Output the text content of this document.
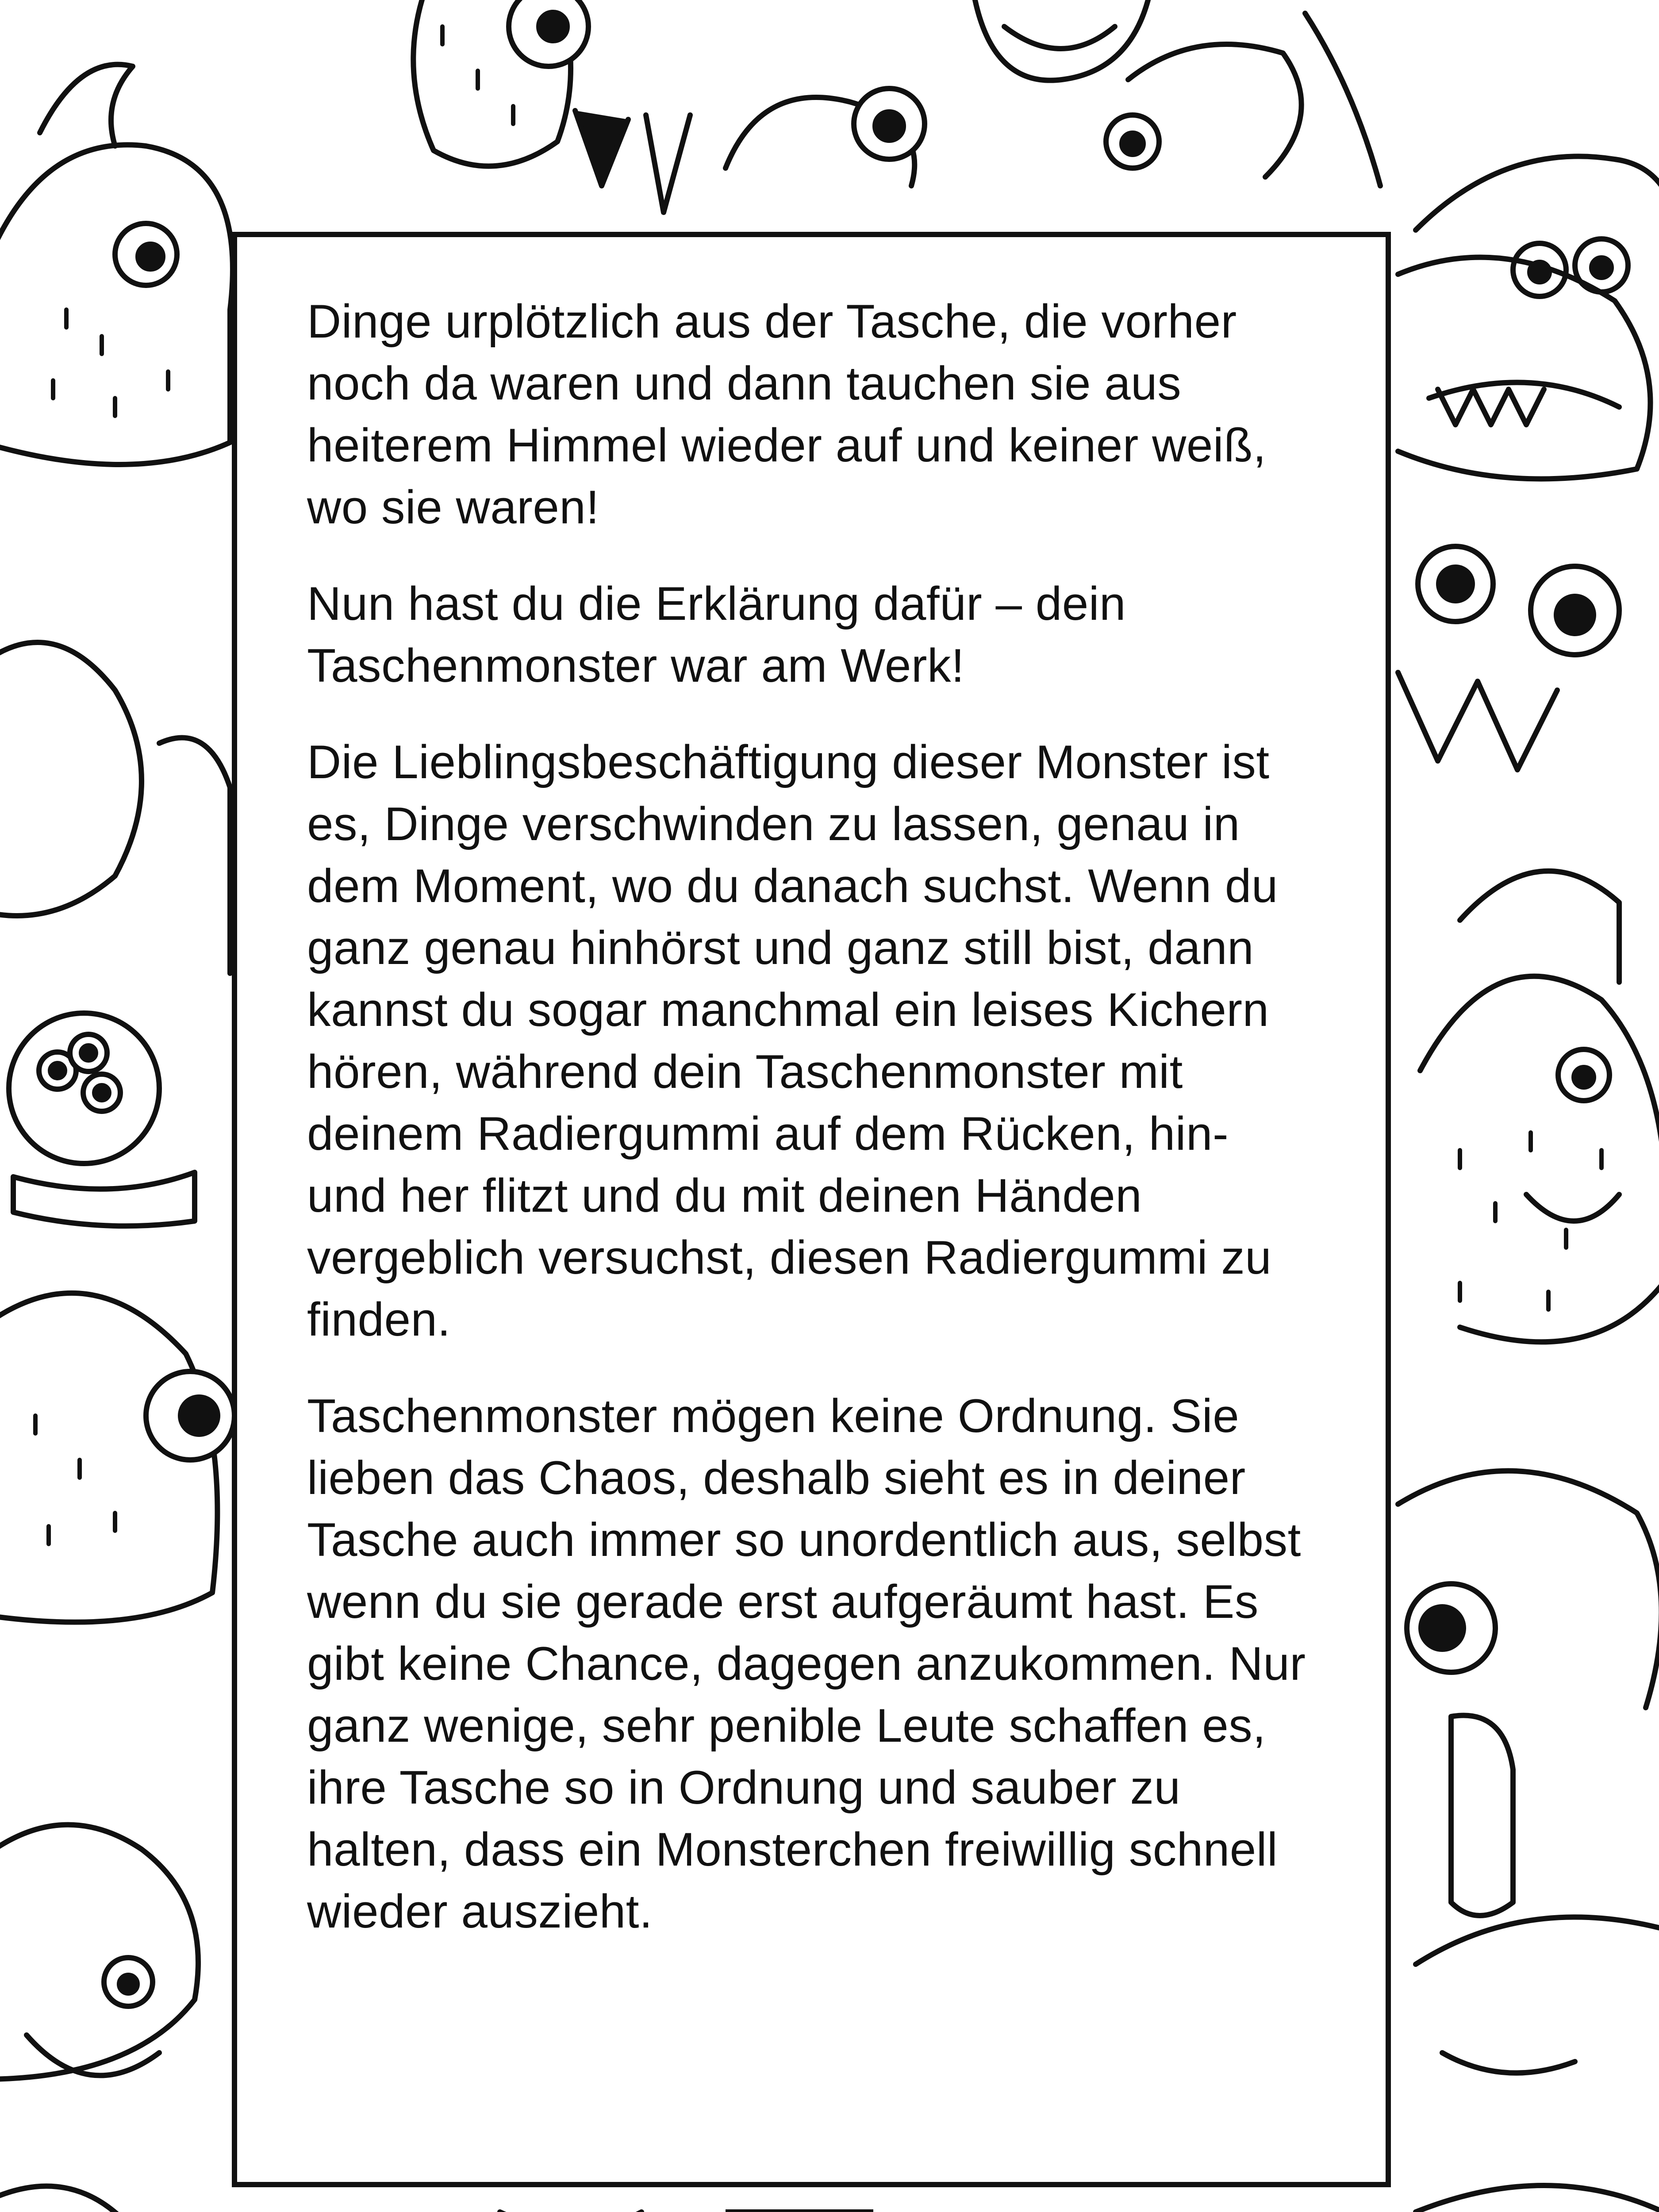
Dinge urplötzlich aus der Tasche, die vorher noch da waren und dann tauchen sie aus heiterem Himmel wieder auf und keiner weiß, wo sie waren!

Nun hast du die Erklärung dafür – dein Taschenmonster war am Werk!

Die Lieblingsbeschäftigung dieser Monster ist es, Dinge verschwinden zu lassen, genau in dem Moment, wo du danach suchst. Wenn du ganz genau hinhörst und ganz still bist, dann kannst du sogar manchmal ein leises Kichern hören, während dein Taschenmonster mit deinem Radiergummi auf dem Rücken, hin- und her flitzt und du mit deinen Händen vergeblich versuchst, diesen Radiergummi zu finden.

Taschenmonster mögen keine Ordnung. Sie lieben das Chaos, deshalb sieht es in deiner Tasche auch immer so unordentlich aus, selbst wenn du sie gerade erst aufgeräumt hast. Es gibt keine Chance, dagegen anzukommen. Nur ganz wenige, sehr penible Leute schaffen es, ihre Tasche so in Ordnung und sauber zu halten, dass ein Monsterchen freiwillig schnell wieder auszieht.
